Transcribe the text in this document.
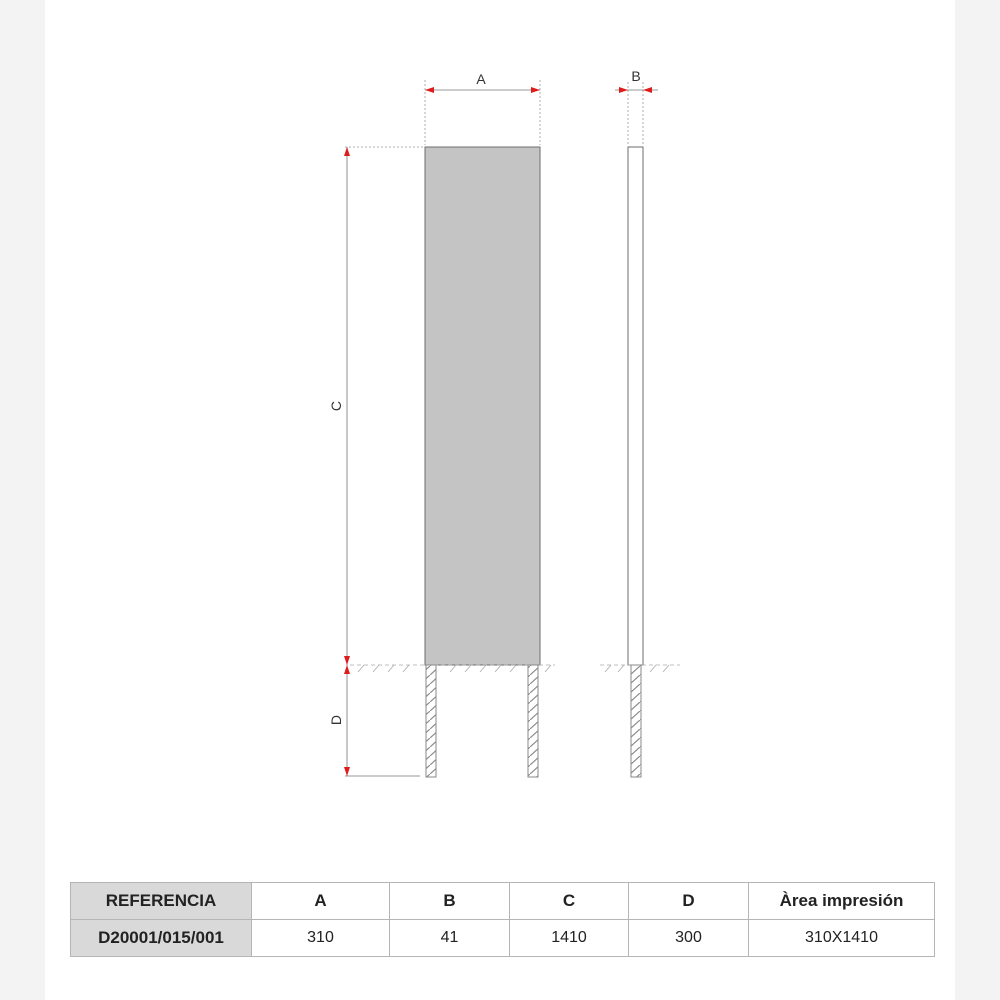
A	B
C
D
REFERENCIA	A	B	C	D	Àrea impresión
D20001/015/001	310	41	1410	300	310X1410
